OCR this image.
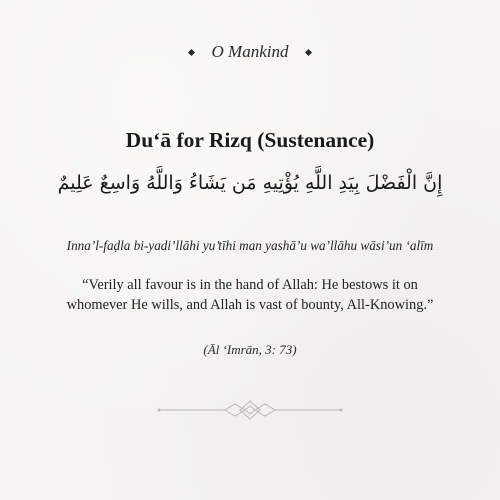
O Mankind
Du‘ā for Rizq (Sustenance)
إِنَّ الْفَضْلَ بِيَدِ اللَّهِ يُؤْتِيهِ مَن يَشَاءُ وَاللَّهُ وَاسِعٌ عَلِيمٌ
Inna’l-faḍla bi-yadi’llāhi yu’tīhi man yashā’u wa’llāhu wāsi’un ‘alīm
“Verily all favour is in the hand of Allah: He bestows it on whomever He wills, and Allah is vast of bounty, All-Knowing.”
(Āl ‘Imrān, 3: 73)
